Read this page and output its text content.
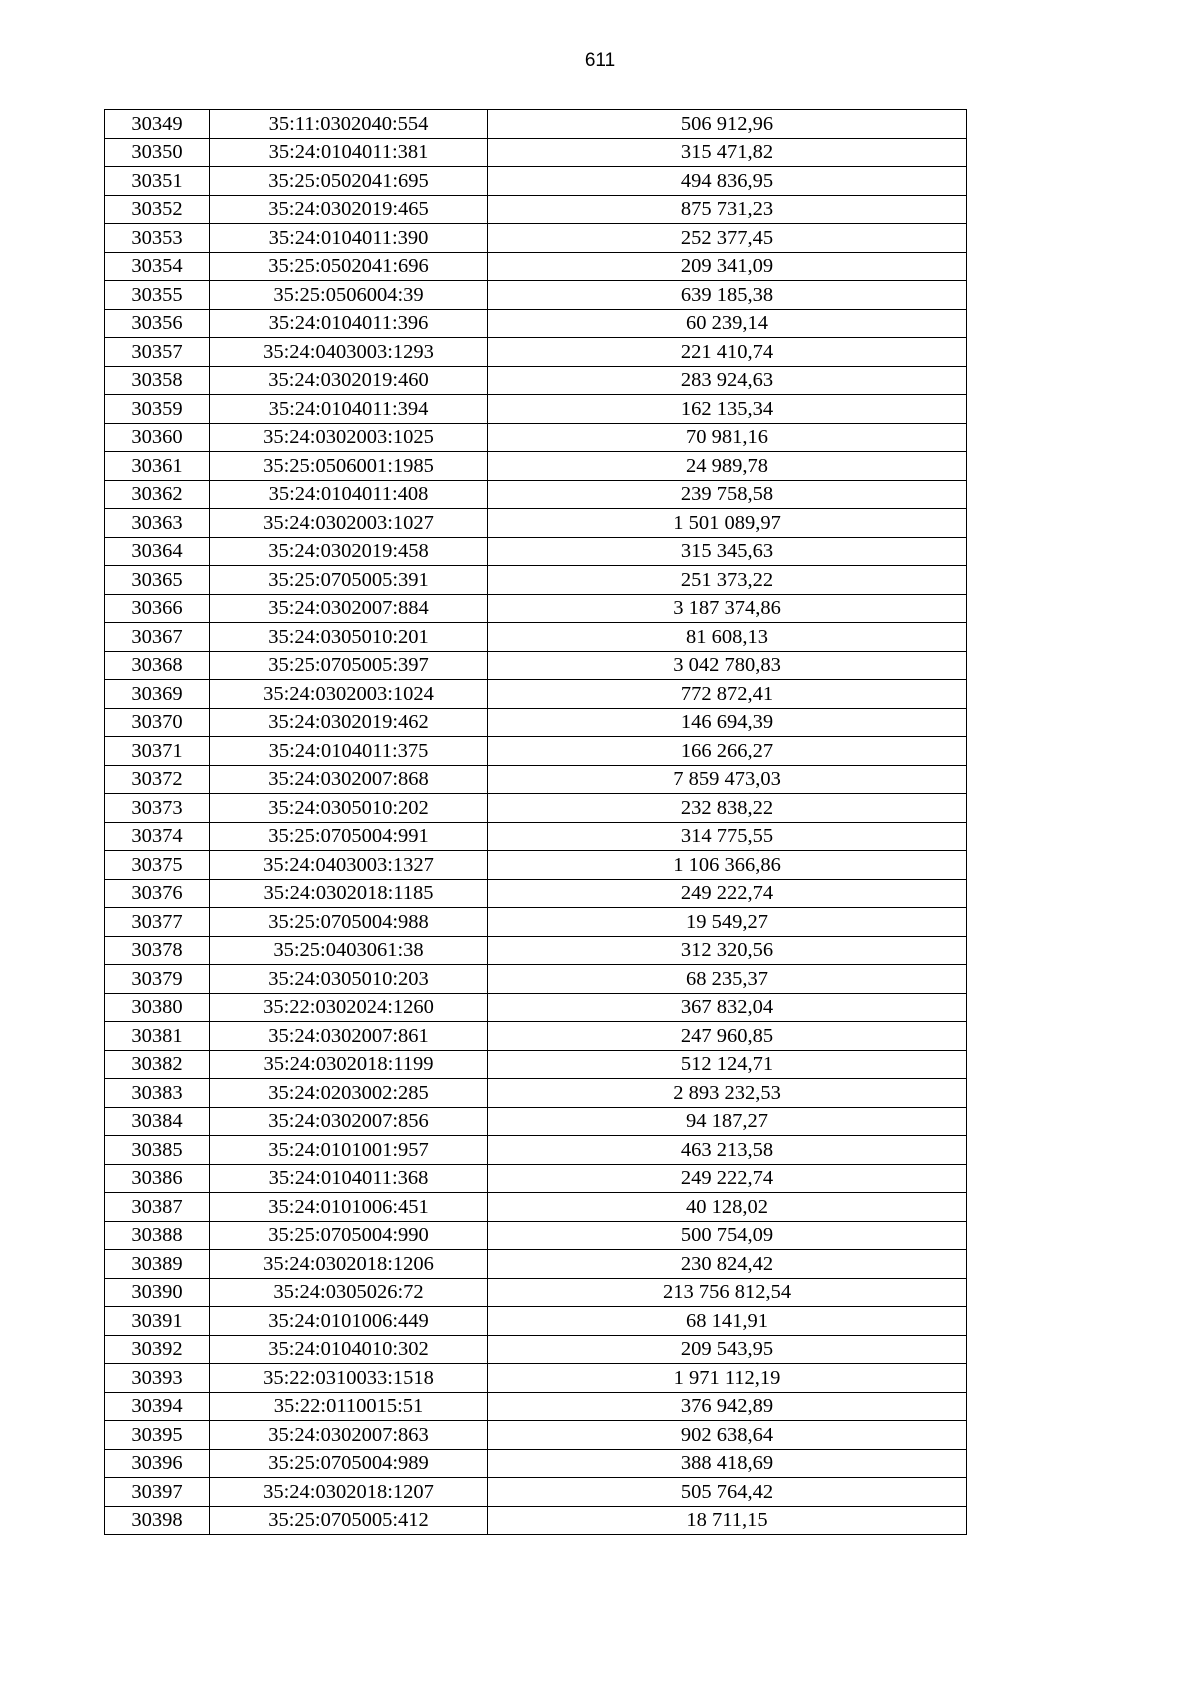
611
30349	35:11:0302040:554	506 912,96
30350	35:24:0104011:381	315 471,82
30351	35:25:0502041:695	494 836,95
30352	35:24:0302019:465	875 731,23
30353	35:24:0104011:390	252 377,45
30354	35:25:0502041:696	209 341,09
30355	35:25:0506004:39	639 185,38
30356	35:24:0104011:396	60 239,14
30357	35:24:0403003:1293	221 410,74
30358	35:24:0302019:460	283 924,63
30359	35:24:0104011:394	162 135,34
30360	35:24:0302003:1025	70 981,16
30361	35:25:0506001:1985	24 989,78
30362	35:24:0104011:408	239 758,58
30363	35:24:0302003:1027	1 501 089,97
30364	35:24:0302019:458	315 345,63
30365	35:25:0705005:391	251 373,22
30366	35:24:0302007:884	3 187 374,86
30367	35:24:0305010:201	81 608,13
30368	35:25:0705005:397	3 042 780,83
30369	35:24:0302003:1024	772 872,41
30370	35:24:0302019:462	146 694,39
30371	35:24:0104011:375	166 266,27
30372	35:24:0302007:868	7 859 473,03
30373	35:24:0305010:202	232 838,22
30374	35:25:0705004:991	314 775,55
30375	35:24:0403003:1327	1 106 366,86
30376	35:24:0302018:1185	249 222,74
30377	35:25:0705004:988	19 549,27
30378	35:25:0403061:38	312 320,56
30379	35:24:0305010:203	68 235,37
30380	35:22:0302024:1260	367 832,04
30381	35:24:0302007:861	247 960,85
30382	35:24:0302018:1199	512 124,71
30383	35:24:0203002:285	2 893 232,53
30384	35:24:0302007:856	94 187,27
30385	35:24:0101001:957	463 213,58
30386	35:24:0104011:368	249 222,74
30387	35:24:0101006:451	40 128,02
30388	35:25:0705004:990	500 754,09
30389	35:24:0302018:1206	230 824,42
30390	35:24:0305026:72	213 756 812,54
30391	35:24:0101006:449	68 141,91
30392	35:24:0104010:302	209 543,95
30393	35:22:0310033:1518	1 971 112,19
30394	35:22:0110015:51	376 942,89
30395	35:24:0302007:863	902 638,64
30396	35:25:0705004:989	388 418,69
30397	35:24:0302018:1207	505 764,42
30398	35:25:0705005:412	18 711,15
